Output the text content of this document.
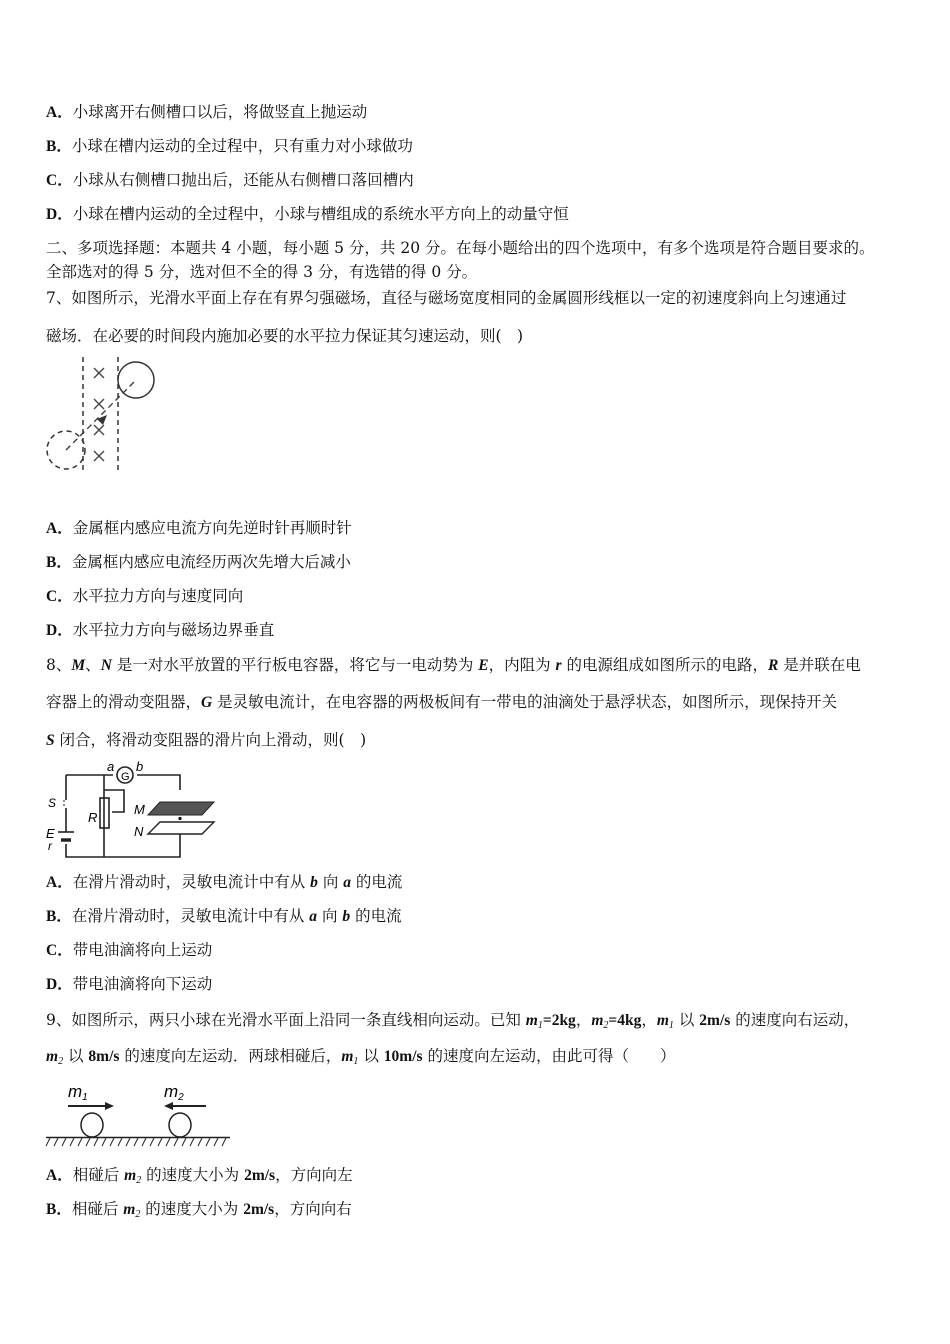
A．小球离开右侧槽口以后，将做竖直上抛运动
B．小球在槽内运动的全过程中，只有重力对小球做功
C．小球从右侧槽口抛出后，还能从右侧槽口落回槽内
D．小球在槽内运动的全过程中，小球与槽组成的系统水平方向上的动量守恒
二、多项选择题：本题共 4 小题，每小题 5 分，共 20 分。在每小题给出的四个选项中，有多个选项是符合题目要求的。
全部选对的得 5 分，选对但不全的得 3 分，有选错的得 0 分。
7、如图所示，光滑水平面上存在有界匀强磁场，直径与磁场宽度相同的金属圆形线框以一定的初速度斜向上匀速通过
磁场．在必要的时间段内施加必要的水平拉力保证其匀速运动，则(　)
A．金属框内感应电流方向先逆时针再顺时针
B．金属框内感应电流经历两次先增大后减小
C．水平拉力方向与速度同向
D．水平拉力方向与磁场边界垂直
8、M、N 是一对水平放置的平行板电容器，将它与一电动势为 E，内阻为 r 的电源组成如图所示的电路，R 是并联在电
容器上的滑动变阻器，G 是灵敏电流计，在电容器的两极板间有一带电的油滴处于悬浮状态，如图所示，现保持开关
S 闭合，将滑动变阻器的滑片向上滑动，则(　)
A．在滑片滑动时，灵敏电流计中有从 b 向 a 的电流
B．在滑片滑动时，灵敏电流计中有从 a 向 b 的电流
C．带电油滴将向上运动
D．带电油滴将向下运动
9、如图所示，两只小球在光滑水平面上沿同一条直线相向运动。已知 $m_1=2kg$，$m_2=4kg$，$m_1$ 以 2m/s 的速度向右运动，
$m_2$ 以 8m/s 的速度向左运动．两球相碰后，$m_1$ 以 10m/s 的速度向左运动，由此可得（　　）
A．相碰后 $m_2$ 的速度大小为 2m/s，方向向左
B．相碰后 $m_2$ 的速度大小为 2m/s，方向向右
G
a b
S
R
M
N
E
r
m1	m2
